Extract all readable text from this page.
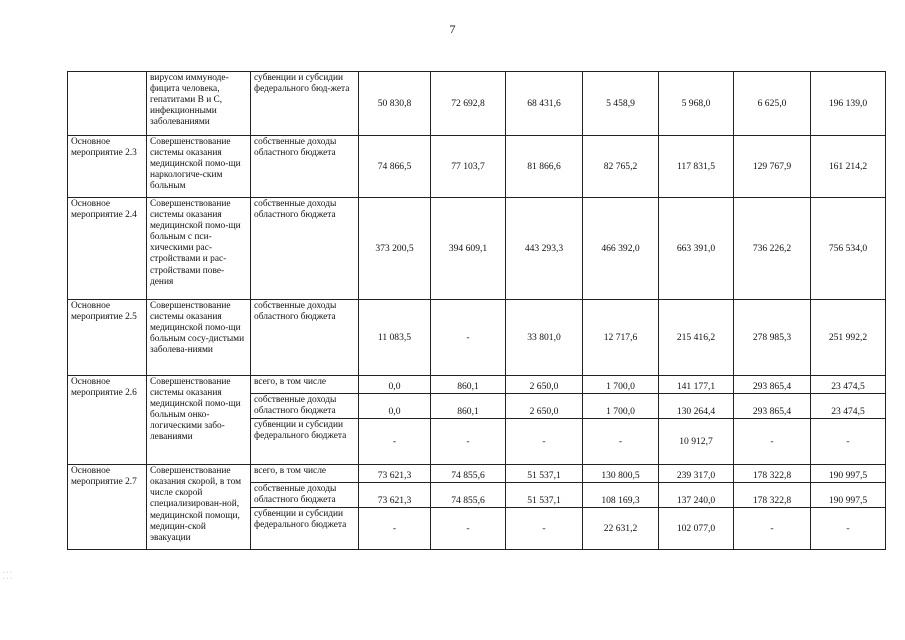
7
	вирусом иммуноде-фицита человека, гепатитами В и С, инфекционными заболеваниями	субвенции и субсидии федерального бюд-жета	50 830,8	72 692,8	68 431,6	5 458,9	5 968,0	6 625,0	196 139,0
Основное мероприятие 2.3	Совершенствование системы оказания медицинской помо-щи наркологиче-ским больным	собственные доходы областного бюджета	74 866,5	77 103,7	81 866,6	82 765,2	117 831,5	129 767,9	161 214,2
Основное мероприятие 2.4	Совершенствование системы оказания медицинской помо-щи больным с пси-хическими рас-стройствами и рас-стройствами пове-дения	собственные доходы областного бюджета	373 200,5	394 609,1	443 293,3	466 392,0	663 391,0	736 226,2	756 534,0
Основное мероприятие 2.5	Совершенствование системы оказания медицинской помо-щи больным сосу-дистыми заболева-ниями	собственные доходы областного бюджета	11 083,5	-	33 801,0	12 717,6	215 416,2	278 985,3	251 992,2
Основное мероприятие 2.6	Совершенствование системы оказания медицинской помо-щи больным онко-логическими забо-леваниями	всего, в том числе	0,0	860,1	2 650,0	1 700,0	141 177,1	293 865,4	23 474,5
		собственные доходы областного бюджета	0,0	860,1	2 650,0	1 700,0	130 264,4	293 865,4	23 474,5
		субвенции и субсидии федерального бюджета	-	-	-	-	10 912,7	-	-
Основное мероприятие 2.7	Совершенствование оказания скорой, в том числе скорой специализирован-ной, медицинской помощи, медицин-ской эвакуации	всего, в том числе	73 621,3	74 855,6	51 537,1	130 800,5	239 317,0	178 322,8	190 997,5
		собственные доходы областного бюджета	73 621,3	74 855,6	51 537,1	108 169,3	137 240,0	178 322,8	190 997,5
		субвенции и субсидии федерального бюджета	-	-	-	22 631,2	102 077,0	-	-
· · ·
· · ·
